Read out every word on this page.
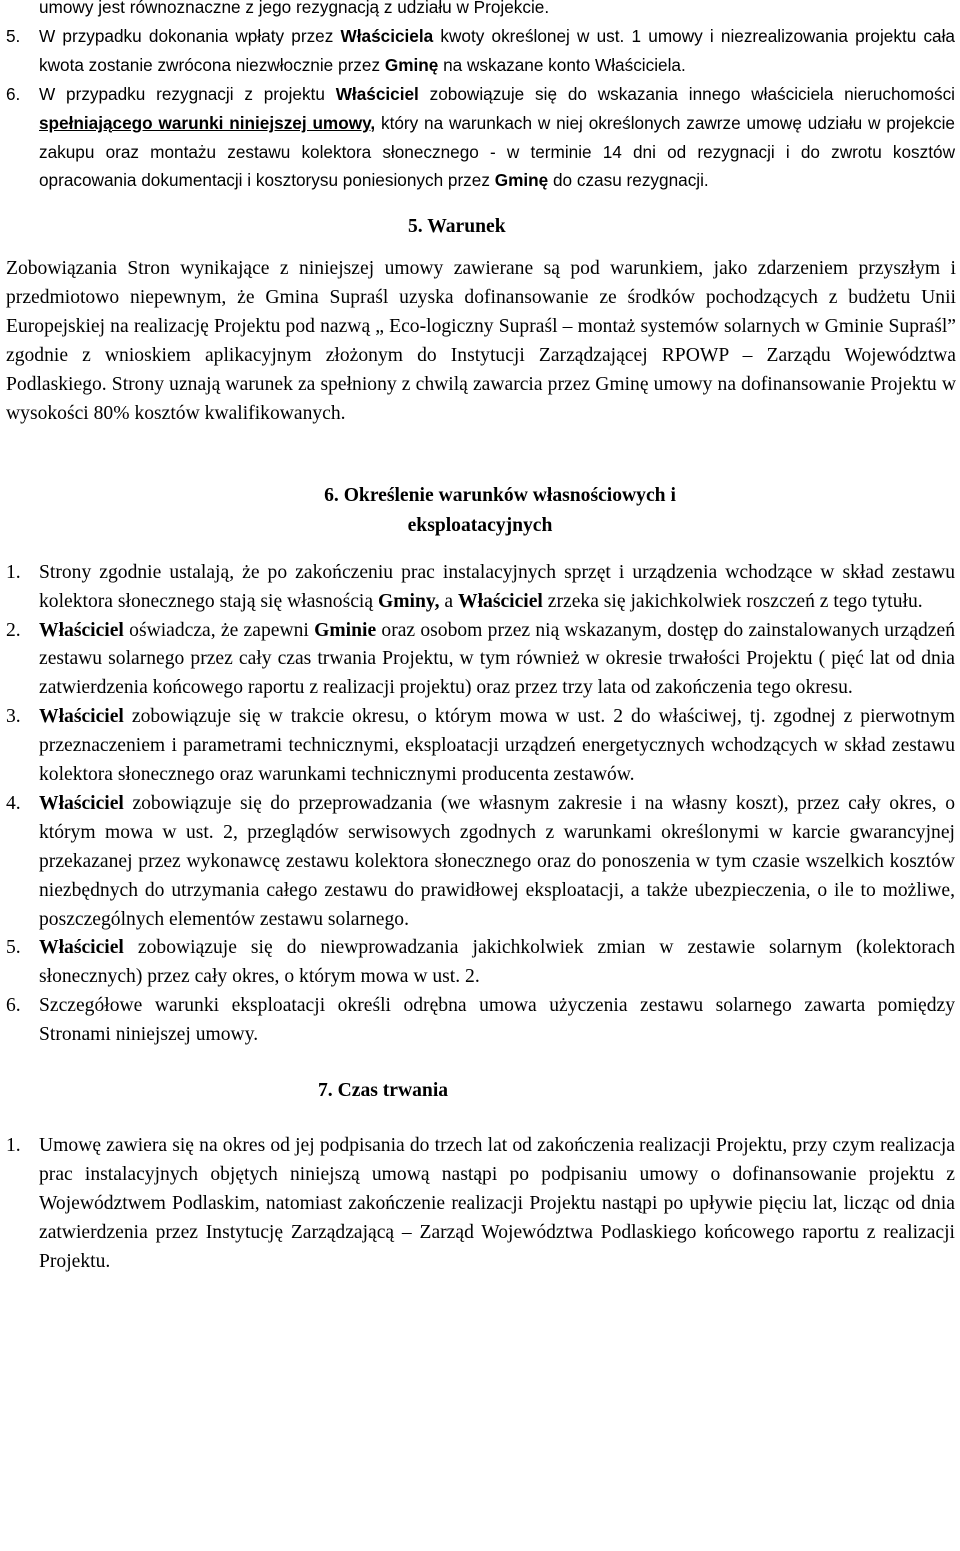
umowy jest równoznaczne z jego rezygnacją z udziału w Projekcie.
5. W przypadku dokonania wpłaty przez Właściciela kwoty określonej w ust. 1 umowy i niezrealizowania projektu cała kwota zostanie zwrócona niezwłocznie przez Gminę na wskazane konto Właściciela.
6. W przypadku rezygnacji z projektu Właściciel zobowiązuje się do wskazania innego właściciela nieruchomości spełniającego warunki niniejszej umowy, który na warunkach w niej określonych zawrze umowę udziału w projekcie zakupu oraz montażu zestawu kolektora słonecznego - w terminie 14 dni od rezygnacji i do zwrotu kosztów opracowania dokumentacji i kosztorysu poniesionych przez Gminę do czasu rezygnacji.
5. Warunek
Zobowiązania Stron wynikające z niniejszej umowy zawierane są pod warunkiem, jako zdarzeniem przyszłym i przedmiotowo niepewnym, że Gmina Supraśl uzyska dofinansowanie ze środków pochodzących z budżetu Unii Europejskiej na realizację Projektu pod nazwą „ Eco-logiczny Supraśl – montaż systemów solarnych w Gminie Supraśl” zgodnie z wnioskiem aplikacyjnym złożonym do Instytucji Zarządzającej RPOWP – Zarządu Województwa Podlaskiego. Strony uznają warunek za spełniony z chwilą zawarcia przez Gminę umowy na dofinansowanie Projektu w wysokości 80% kosztów kwalifikowanych.
6. Określenie warunków własnościowych i
eksploatacyjnych
1. Strony zgodnie ustalają, że po zakończeniu prac instalacyjnych sprzęt i urządzenia wchodzące w skład zestawu kolektora słonecznego stają się własnością Gminy, a Właściciel zrzeka się jakichkolwiek roszczeń z tego tytułu.
2. Właściciel oświadcza, że zapewni Gminie oraz osobom przez nią wskazanym, dostęp do zainstalowanych urządzeń zestawu solarnego przez cały czas trwania Projektu, w tym również w okresie trwałości Projektu ( pięć lat od dnia zatwierdzenia końcowego raportu z realizacji projektu) oraz przez trzy lata od zakończenia tego okresu.
3. Właściciel zobowiązuje się w trakcie okresu, o którym mowa w ust. 2 do właściwej, tj. zgodnej z pierwotnym przeznaczeniem i parametrami technicznymi, eksploatacji urządzeń energetycznych wchodzących w skład zestawu kolektora słonecznego oraz warunkami technicznymi producenta zestawów.
4. Właściciel zobowiązuje się do przeprowadzania (we własnym zakresie i na własny koszt), przez cały okres, o którym mowa w ust. 2, przeglądów serwisowych zgodnych z warunkami określonymi w karcie gwarancyjnej przekazanej przez wykonawcę zestawu kolektora słonecznego oraz do ponoszenia w tym czasie wszelkich kosztów niezbędnych do utrzymania całego zestawu do prawidłowej eksploatacji, a także ubezpieczenia, o ile to możliwe, poszczególnych elementów zestawu solarnego.
5. Właściciel zobowiązuje się do niewprowadzania jakichkolwiek zmian w zestawie solarnym (kolektorach słonecznych) przez cały okres, o którym mowa w ust. 2.
6. Szczegółowe warunki eksploatacji określi odrębna umowa użyczenia zestawu solarnego zawarta pomiędzy Stronami niniejszej umowy.
7. Czas trwania
1. Umowę zawiera się na okres od jej podpisania do trzech lat od zakończenia realizacji Projektu, przy czym realizacja prac instalacyjnych objętych niniejszą umową nastąpi po podpisaniu umowy o dofinansowanie projektu z Województwem Podlaskim, natomiast zakończenie realizacji Projektu nastąpi po upływie pięciu lat, licząc od dnia zatwierdzenia przez Instytucję Zarządzającą – Zarząd Województwa Podlaskiego końcowego raportu z realizacji Projektu.
